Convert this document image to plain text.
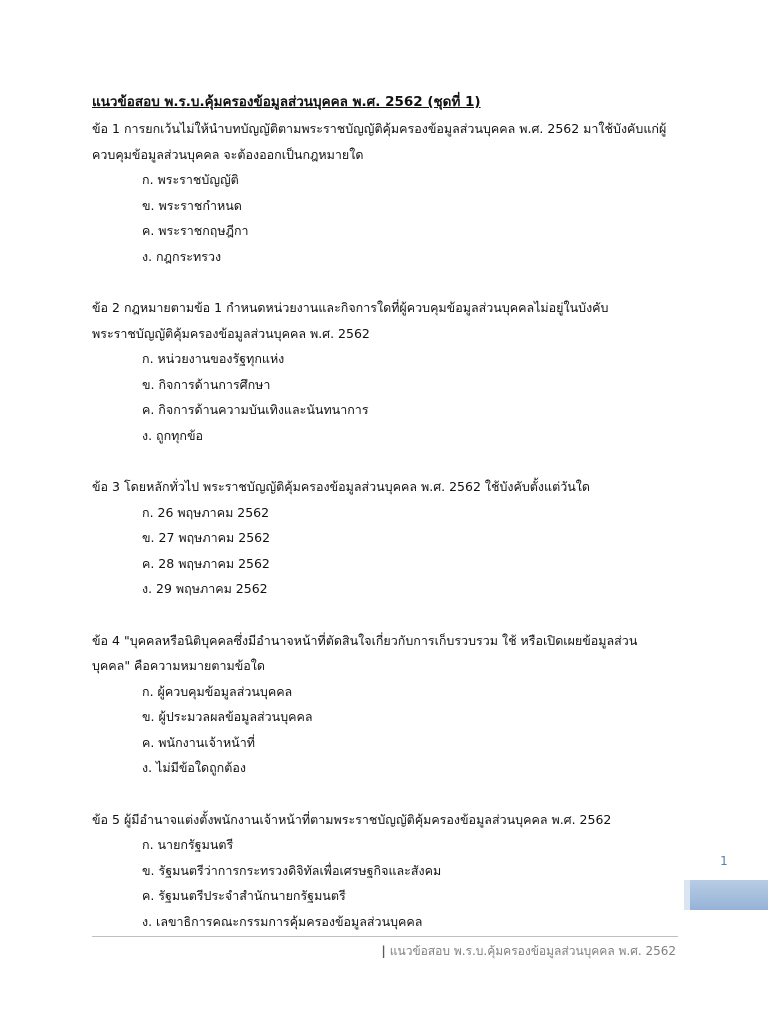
แนวข้อสอบ พ.ร.บ.คุ้มครองข้อมูลส่วนบุคคล พ.ศ. 2562 (ชุดที่ 1)
ข้อ 1 การยกเว้นไม่ให้นำบทบัญญัติตามพระราชบัญญัติคุ้มครองข้อมูลส่วนบุคคล พ.ศ. 2562 มาใช้บังคับแก่ผู้
ควบคุมข้อมูลส่วนบุคคล จะต้องออกเป็นกฎหมายใด
ก. พระราชบัญญัติ
ข. พระราชกำหนด
ค. พระราชกฤษฎีกา
ง. กฎกระทรวง
ข้อ 2 กฎหมายตามข้อ 1 กำหนดหน่วยงานและกิจการใดที่ผู้ควบคุมข้อมูลส่วนบุคคลไม่อยู่ในบังคับ
พระราชบัญญัติคุ้มครองข้อมูลส่วนบุคคล พ.ศ. 2562
ก. หน่วยงานของรัฐทุกแห่ง
ข. กิจการด้านการศึกษา
ค. กิจการด้านความบันเทิงและนันทนาการ
ง. ถูกทุกข้อ
ข้อ 3 โดยหลักทั่วไป พระราชบัญญัติคุ้มครองข้อมูลส่วนบุคคล พ.ศ. 2562 ใช้บังคับตั้งแต่วันใด
ก. 26 พฤษภาคม 2562
ข. 27 พฤษภาคม 2562
ค. 28 พฤษภาคม 2562
ง. 29 พฤษภาคม 2562
ข้อ 4 "บุคคลหรือนิติบุคคลซึ่งมีอำนาจหน้าที่ตัดสินใจเกี่ยวกับการเก็บรวบรวม ใช้ หรือเปิดเผยข้อมูลส่วน
บุคคล" คือความหมายตามข้อใด
ก. ผู้ควบคุมข้อมูลส่วนบุคคล
ข. ผู้ประมวลผลข้อมูลส่วนบุคคล
ค. พนักงานเจ้าหน้าที่
ง. ไม่มีข้อใดถูกต้อง
ข้อ 5 ผู้มีอำนาจแต่งตั้งพนักงานเจ้าหน้าที่ตามพระราชบัญญัติคุ้มครองข้อมูลส่วนบุคคล พ.ศ. 2562
ก. นายกรัฐมนตรี
ข. รัฐมนตรีว่าการกระทรวงดิจิทัลเพื่อเศรษฐกิจและสังคม
ค. รัฐมนตรีประจำสำนักนายกรัฐมนตรี
ง. เลขาธิการคณะกรรมการคุ้มครองข้อมูลส่วนบุคคล
1
| แนวข้อสอบ พ.ร.บ.คุ้มครองข้อมูลส่วนบุคคล พ.ศ. 2562
